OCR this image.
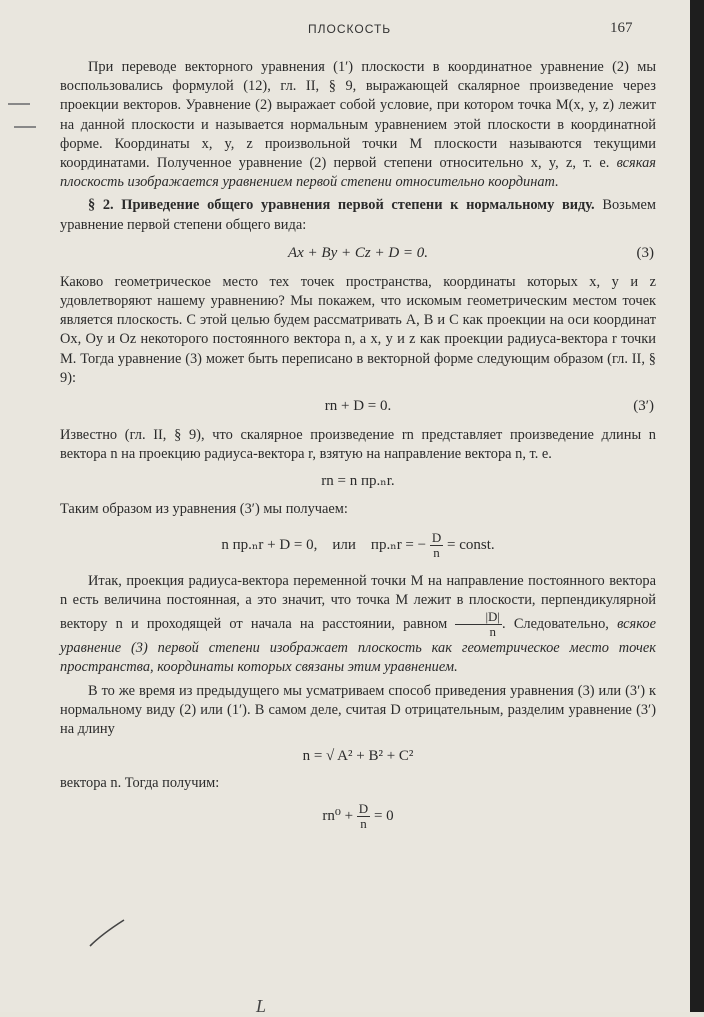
ПЛОСКОСТЬ	167

При переводе векторного уравнения (1′) плоскости в координатное уравнение (2) мы воспользовались формулой (12), гл. II, § 9, выражающей скалярное произведение через проекции векторов. Уравнение (2) выражает собой условие, при котором точка M(x, y, z) лежит на данной плоскости и называется нормальным уравнением этой плоскости в координатной форме. Координаты x, y, z произвольной точки M плоскости называются текущими координатами. Полученное уравнение (2) первой степени относительно x, y, z, т. е. всякая плоскость изображается уравнением первой степени относительно координат.

§ 2. Приведение общего уравнения первой степени к нормальному виду. Возьмем уравнение первой степени общего вида:

Ax + By + Cz + D = 0.	(3)

Каково геометрическое место тех точек пространства, координаты которых x, y и z удовлетворяют нашему уравнению? Мы покажем, что искомым геометрическим местом точек является плоскость. С этой целью будем рассматривать A, B и C как проекции на оси координат Ox, Oy и Oz некоторого постоянного вектора n, а x, y и z как проекции радиуса-вектора r точки M. Тогда уравнение (3) может быть переписано в векторной форме следующим образом (гл. II, § 9):

rn + D = 0.	(3′)

Известно (гл. II, § 9), что скалярное произведение rn представляет произведение длины n вектора n на проекцию радиуса-вектора r, взятую на направление вектора n, т. е.

rn = n пр.ₙr.

Таким образом из уравнения (3′) мы получаем:

n пр.ₙr + D = 0, или пр.ₙr = − $\frac{D}{n}$ = const.

Итак, проекция радиуса-вектора переменной точки M на направление постоянного вектора n есть величина постоянная, а это значит, что точка M лежит в плоскости, перпендикулярной вектору n и проходящей от начала на расстоянии, равном $\frac{|D|}{n}$ . Следовательно, всякое уравнение (3) первой степени изображает плоскость как геометрическое место точек пространства, координаты которых связаны этим уравнением.

В то же время из предыдущего мы усматриваем способ приведения уравнения (3) или (3′) к нормальному виду (2) или (1′). В самом деле, считая D отрицательным, разделим уравнение (3′) на длину

n = √ A² + B² + C²

вектора n. Тогда получим:

$rn^0 + \frac{D}{n} = 0$
L
